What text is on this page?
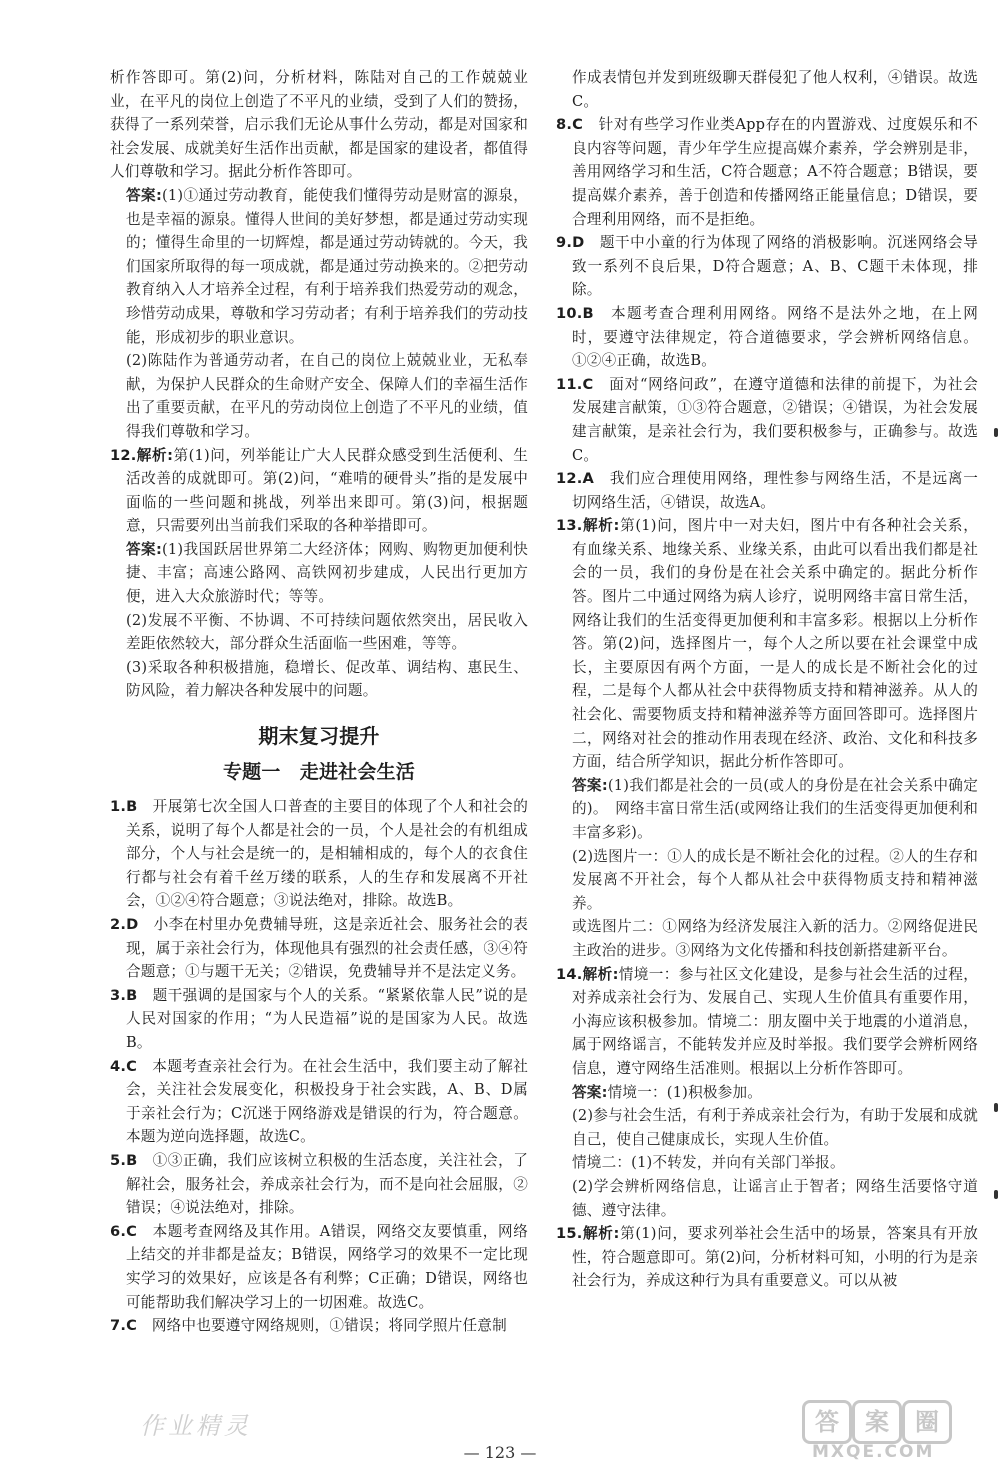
析作答即可。第(2)问，分析材料，陈陆对自己的工作兢兢业业，在平凡的岗位上创造了不平凡的业绩，受到了人们的赞扬，获得了一系列荣誉，启示我们无论从事什么劳动，都是对国家和社会发展、成就美好生活作出贡献，都是国家的建设者，都值得人们尊敬和学习。据此分析作答即可。

答案:(1)①通过劳动教育，能使我们懂得劳动是财富的源泉，也是幸福的源泉。懂得人世间的美好梦想，都是通过劳动实现的；懂得生命里的一切辉煌，都是通过劳动铸就的。今天，我们国家所取得的每一项成就，都是通过劳动换来的。②把劳动教育纳入人才培养全过程，有利于培养我们热爱劳动的观念，珍惜劳动成果，尊敬和学习劳动者；有利于培养我们的劳动技能，形成初步的职业意识。

(2)陈陆作为普通劳动者，在自己的岗位上兢兢业业，无私奉献，为保护人民群众的生命财产安全、保障人们的幸福生活作出了重要贡献，在平凡的劳动岗位上创造了不平凡的业绩，值得我们尊敬和学习。

12.解析:第(1)问，列举能让广大人民群众感受到生活便利、生活改善的成就即可。第(2)问，“难啃的硬骨头”指的是发展中面临的一些问题和挑战，列举出来即可。第(3)问，根据题意，只需要列出当前我们采取的各种举措即可。

答案:(1)我国跃居世界第二大经济体；网购、购物更加便利快捷、丰富；高速公路网、高铁网初步建成，人民出行更加方便，进入大众旅游时代；等等。

(2)发展不平衡、不协调、不可持续问题依然突出，居民收入差距依然较大，部分群众生活面临一些困难，等等。

(3)采取各种积极措施，稳增长、促改革、调结构、惠民生、防风险，着力解决各种发展中的问题。

期末复习提升
专题一　走进社会生活

1.B　 开展第七次全国人口普查的主要目的体现了个人和社会的关系，说明了每个人都是社会的一员，个人是社会的有机组成部分，个人与社会是统一的，是相辅相成的，每个人的衣食住行都与社会有着千丝万缕的联系，人的生存和发展离不开社会，①②④符合题意；③说法绝对，排除。故选B。

2.D　 小李在村里办免费辅导班，这是亲近社会、服务社会的表现，属于亲社会行为，体现他具有强烈的社会责任感，③④符合题意；①与题干无关；②错误，免费辅导并不是法定义务。

3.B　 题干强调的是国家与个人的关系。“紧紧依靠人民”说的是人民对国家的作用；“为人民造福”说的是国家为人民。故选B。

4.C　 本题考查亲社会行为。在社会生活中，我们要主动了解社会，关注社会发展变化，积极投身于社会实践，A、B、D属于亲社会行为；C沉迷于网络游戏是错误的行为，符合题意。本题为逆向选择题，故选C。

5.B　 ①③正确，我们应该树立积极的生活态度，关注社会，了解社会，服务社会，养成亲社会行为，而不是向社会屈服，②错误；④说法绝对，排除。

6.C　 本题考查网络及其作用。A错误，网络交友要慎重，网络上结交的并非都是益友；B错误，网络学习的效果不一定比现实学习的效果好，应该是各有利弊；C正确；D错误，网络也可能帮助我们解决学习上的一切困难。故选C。

7.C　 网络中也要遵守网络规则，①错误；将同学照片任意制

作成表情包并发到班级聊天群侵犯了他人权利，④错误。故选C。

8.C　 针对有些学习作业类App存在的内置游戏、过度娱乐和不良内容等问题，青少年学生应提高媒介素养，学会辨别是非，善用网络学习和生活，C符合题意；A不符合题意；B错误，要提高媒介素养，善于创造和传播网络正能量信息；D错误，要合理利用网络，而不是拒绝。

9.D　 题干中小童的行为体现了网络的消极影响。沉迷网络会导致一系列不良后果，D符合题意；A、B、C题干未体现，排除。

10.B　 本题考查合理利用网络。网络不是法外之地，在上网时，要遵守法律规定，符合道德要求，学会辨析网络信息。①②④正确，故选B。

11.C　 面对“网络问政”，在遵守道德和法律的前提下，为社会发展建言献策，①③符合题意，②错误；④错误，为社会发展建言献策，是亲社会行为，我们要积极参与，正确参与。故选C。

12.A　 我们应合理使用网络，理性参与网络生活，不是远离一切网络生活，④错误，故选A。

13.解析:第(1)问，图片中一对夫妇，图片中有各种社会关系，有血缘关系、地缘关系、业缘关系，由此可以看出我们都是社会的一员，我们的身份是在社会关系中确定的。据此分析作答。图片二中通过网络为病人诊疗，说明网络丰富日常生活，网络让我们的生活变得更加便利和丰富多彩。根据以上分析作答。第(2)问，选择图片一，每个人之所以要在社会课堂中成长，主要原因有两个方面，一是人的成长是不断社会化的过程，二是每个人都从社会中获得物质支持和精神滋养。从人的社会化、需要物质支持和精神滋养等方面回答即可。选择图片二，网络对社会的推动作用表现在经济、政治、文化和科技多方面，结合所学知识，据此分析作答即可。

答案:(1)我们都是社会的一员(或人的身份是在社会关系中确定的)。　网络丰富日常生活(或网络让我们的生活变得更加便利和丰富多彩)。

(2)选图片一：①人的成长是不断社会化的过程。②人的生存和发展离不开社会，每个人都从社会中获得物质支持和精神滋养。

或选图片二：①网络为经济发展注入新的活力。②网络促进民主政治的进步。③网络为文化传播和科技创新搭建新平台。

14.解析:情境一：参与社区文化建设，是参与社会生活的过程，对养成亲社会行为、发展自己、实现人生价值具有重要作用，小海应该积极参加。情境二：朋友圈中关于地震的小道消息，属于网络谣言，不能转发并应及时举报。我们要学会辨析网络信息，遵守网络生活准则。根据以上分析作答即可。

答案:情境一：(1)积极参加。

(2)参与社会生活，有利于养成亲社会行为，有助于发展和成就自己，使自己健康成长，实现人生价值。

情境二：(1)不转发，并向有关部门举报。

(2)学会辨析网络信息，让谣言止于智者；网络生活要恪守道德、遵守法律。

15.解析:第(1)问，要求列举社会生活中的场景，答案具有开放性，符合题意即可。第(2)问，分析材料可知，小明的行为是亲社会行为，养成这种行为具有重要意义。可以从被

作业精灵
— 123 —
答	案	圈
MXQE.COM
